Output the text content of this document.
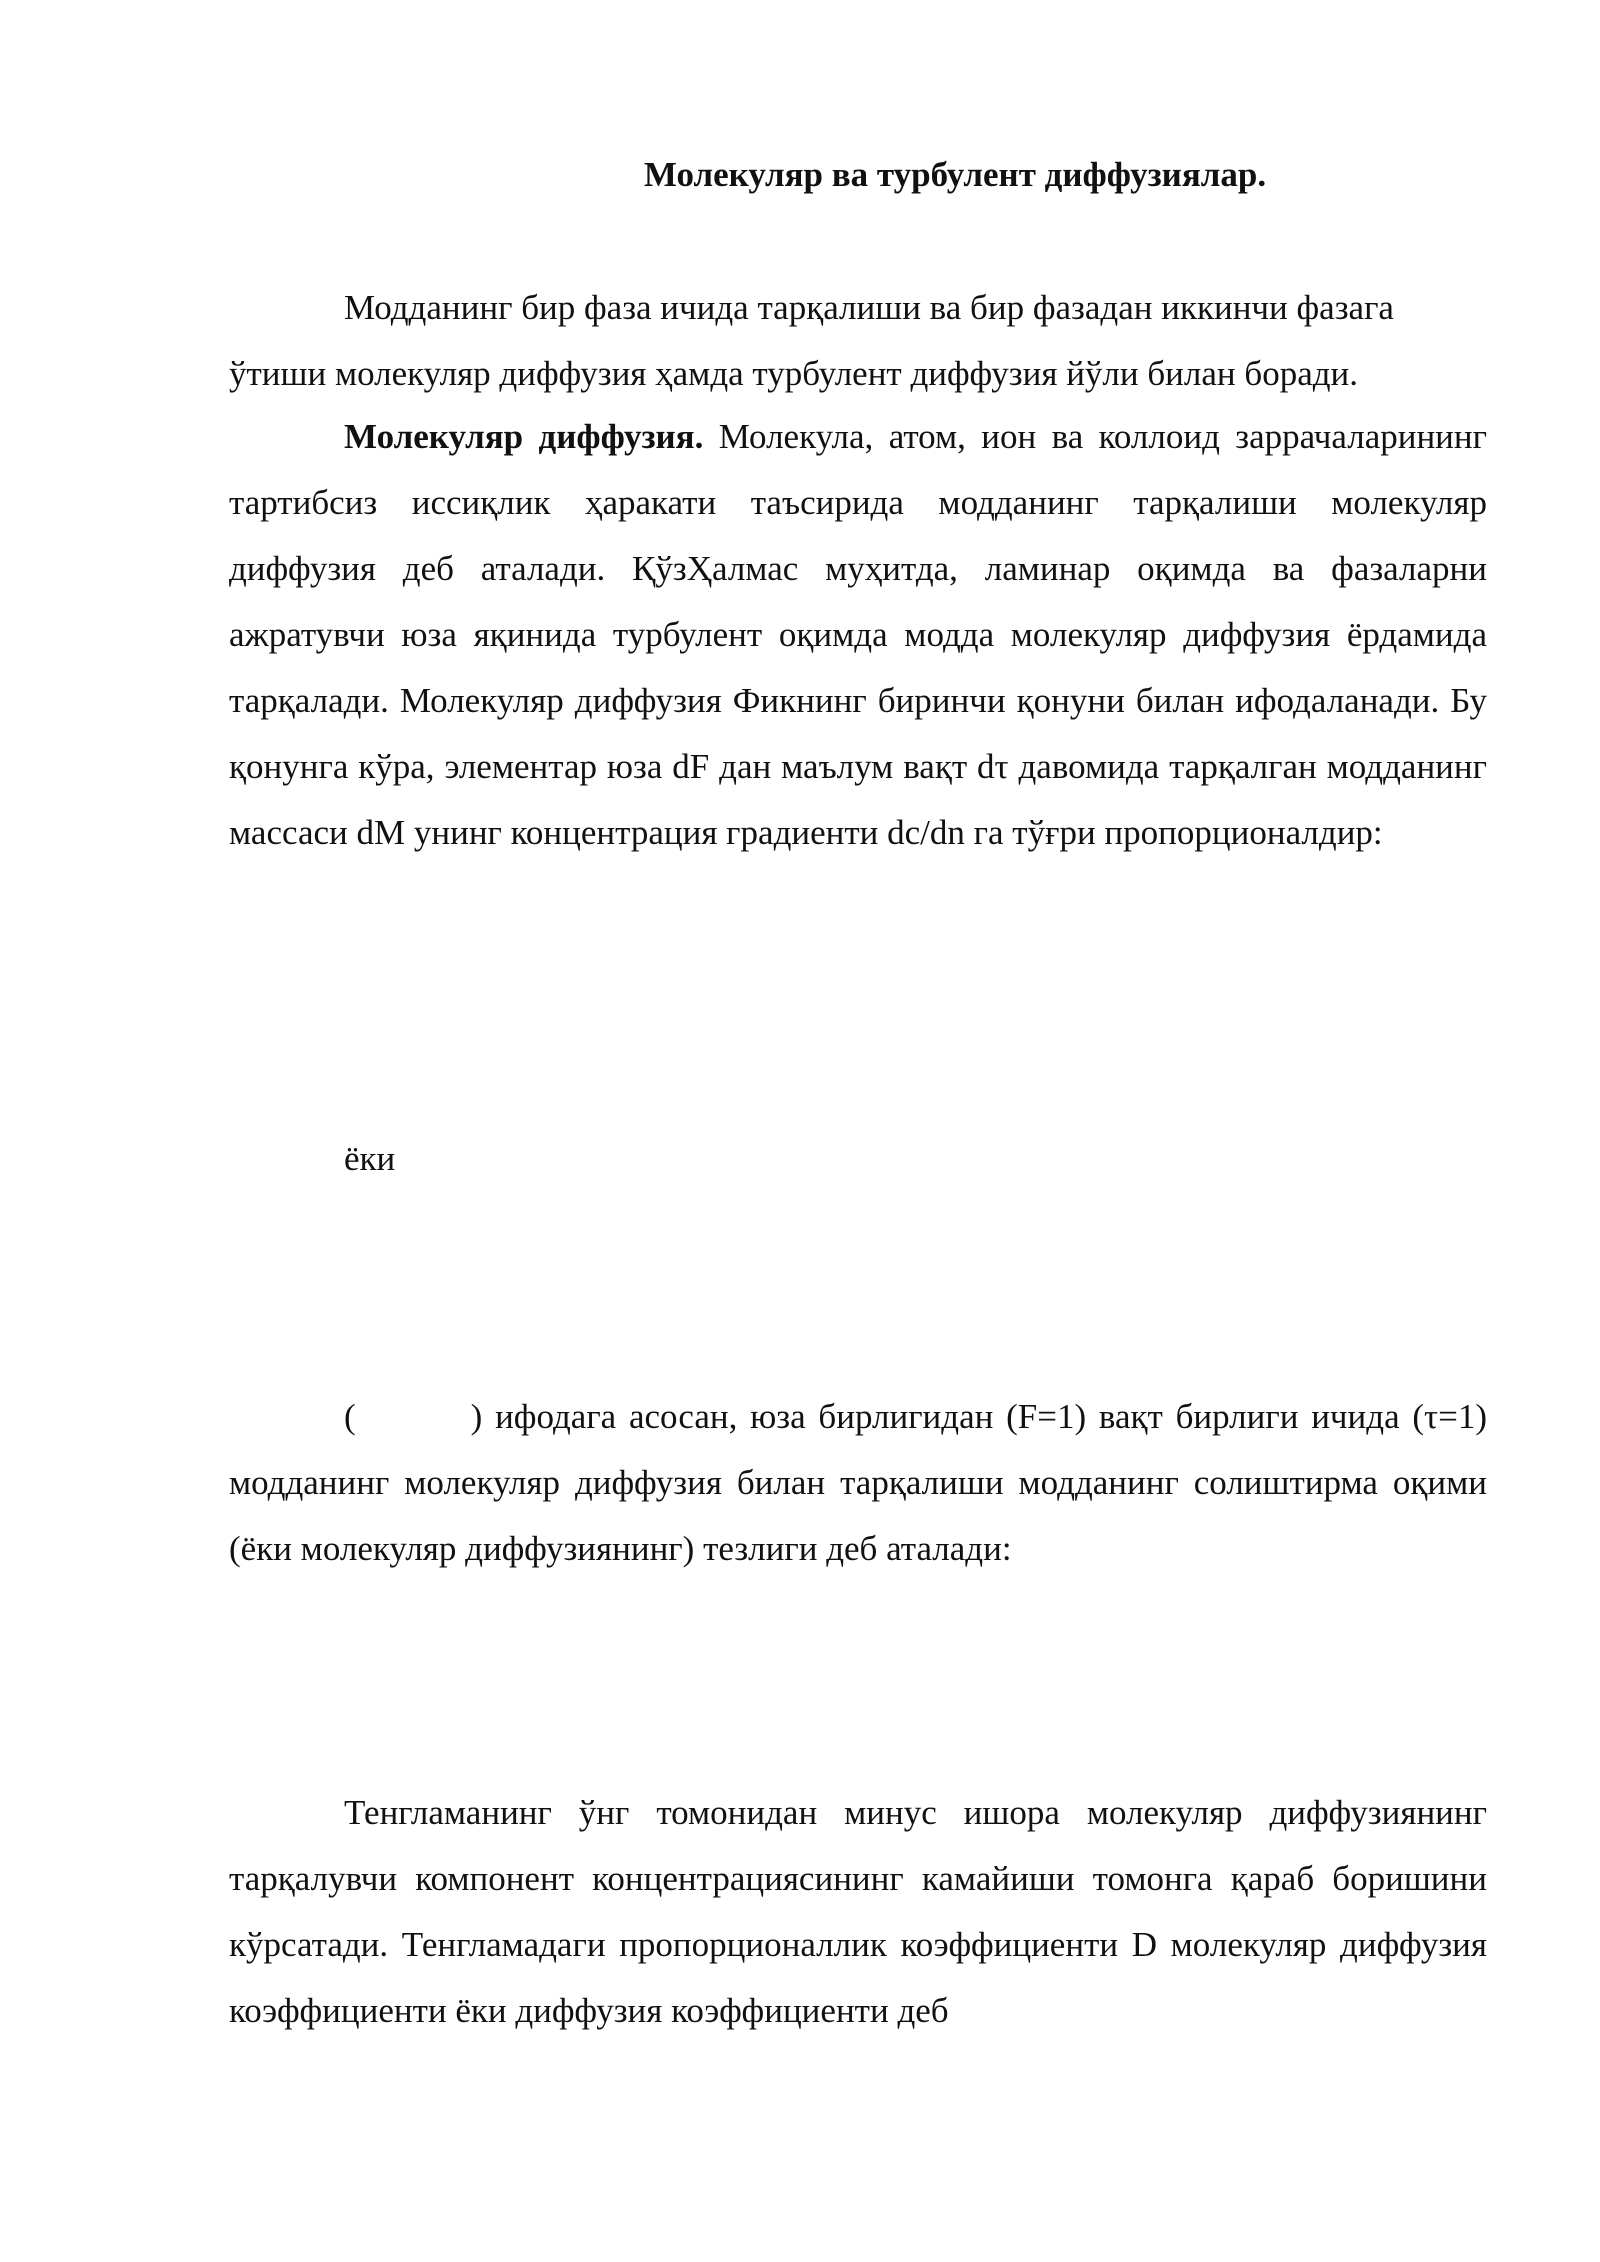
Молекуляр ва турбулент диффузиялар.

Модданинг бир фаза ичида тарқалиши ва бир фазадан иккинчи фазага ўтиши молекуляр диффузия ҳамда турбулент диффузия йўли билан боради.

Молекуляр диффузия. Молекула, атом, ион ва коллоид заррачаларининг тартибсиз иссиқлик ҳаракати таъсирида модданинг тарқалиши молекуляр диффузия деб аталади. ҚўзҲалмас муҳитда, ламинар оқимда ва фазаларни ажратувчи юза яқинида турбулент оқимда модда молекуляр диффузия ёрдамида тарқалади. Молекуляр диффузия Фикнинг биринчи қонуни билан ифодаланади. Бу қонунга кўра, элементар юза dF дан маълум вақт dτ давомида тарқалган модданинг массаси dM унинг концентрация градиенти dc/dn га тўғри пропорционалдир:

ёки

(	) ифодага асосан, юза бирлигидан (F=1) вақт бирлиги ичида (τ=1) модданинг молекуляр диффузия билан тарқалиши модданинг солиштирма оқими (ёки молекуляр диффузиянинг) тезлиги деб аталади:

Тенгламанинг ўнг томонидан минус ишора молекуляр диффузиянинг тарқалувчи компонент концентрациясининг камайиши томонга қараб боришини кўрсатади. Тенгламадаги пропорционаллик коэффициенти D молекуляр диффузия коэффициенти ёки диффузия коэффициенти деб
